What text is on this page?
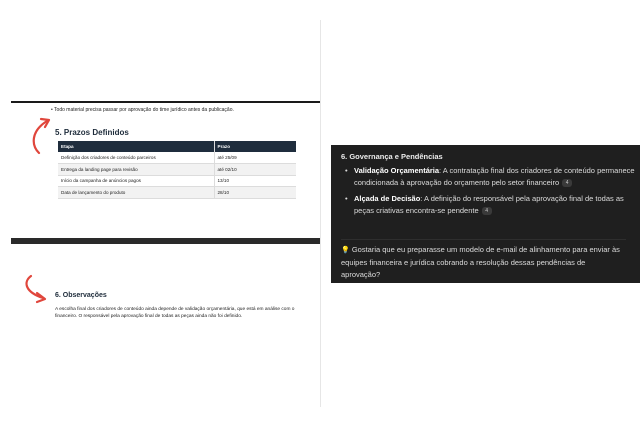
• Todo material precisa passar por aprovação do time jurídico antes da publicação.
5. Prazos Definidos
Etapa	Prazo
Definição dos criadores de conteúdo parceiros	até 25/09
Entrega da landing page para revisão	até 02/10
Início da campanha de anúncios pagos	13/10
Data de lançamento do produto	28/10
6. Observações
A escolha final dos criadores de conteúdo ainda depende de validação orçamentária, que está em análise com o financeiro. O responsável pela aprovação final de todas as peças ainda não foi definido.
6. Governança e Pendências
• Validação Orçamentária: A contratação final dos criadores de conteúdo permanece condicionada à aprovação do orçamento pelo setor financeiro 4
• Alçada de Decisão: A definição do responsável pela aprovação final de todas as peças criativas encontra-se pendente 4
💡 Gostaria que eu preparasse um modelo de e-mail de alinhamento para enviar às equipes financeira e jurídica cobrando a resolução dessas pendências de aprovação?
